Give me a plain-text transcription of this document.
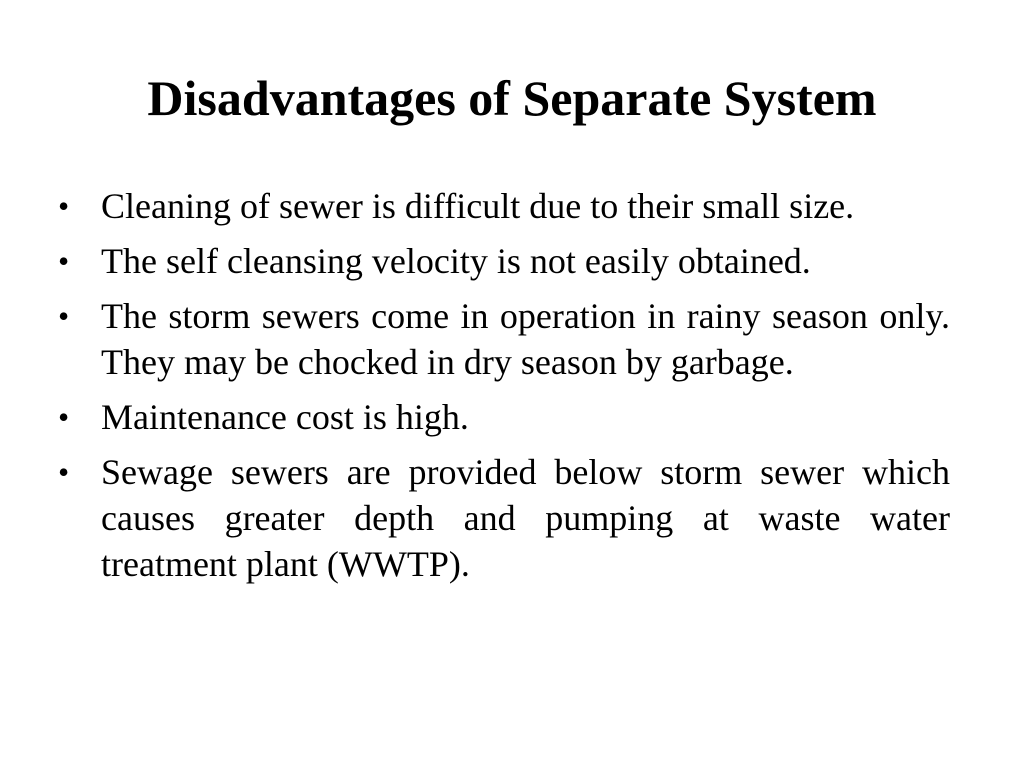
Disadvantages of Separate System
• Cleaning of sewer is difficult due to their small size.
• The self cleansing velocity is not easily obtained.
• The storm sewers come in operation in rainy season only. They may be chocked in dry season by garbage.
• Maintenance cost is high.
• Sewage sewers are provided below storm sewer which causes greater depth and pumping at waste water treatment plant (WWTP).
